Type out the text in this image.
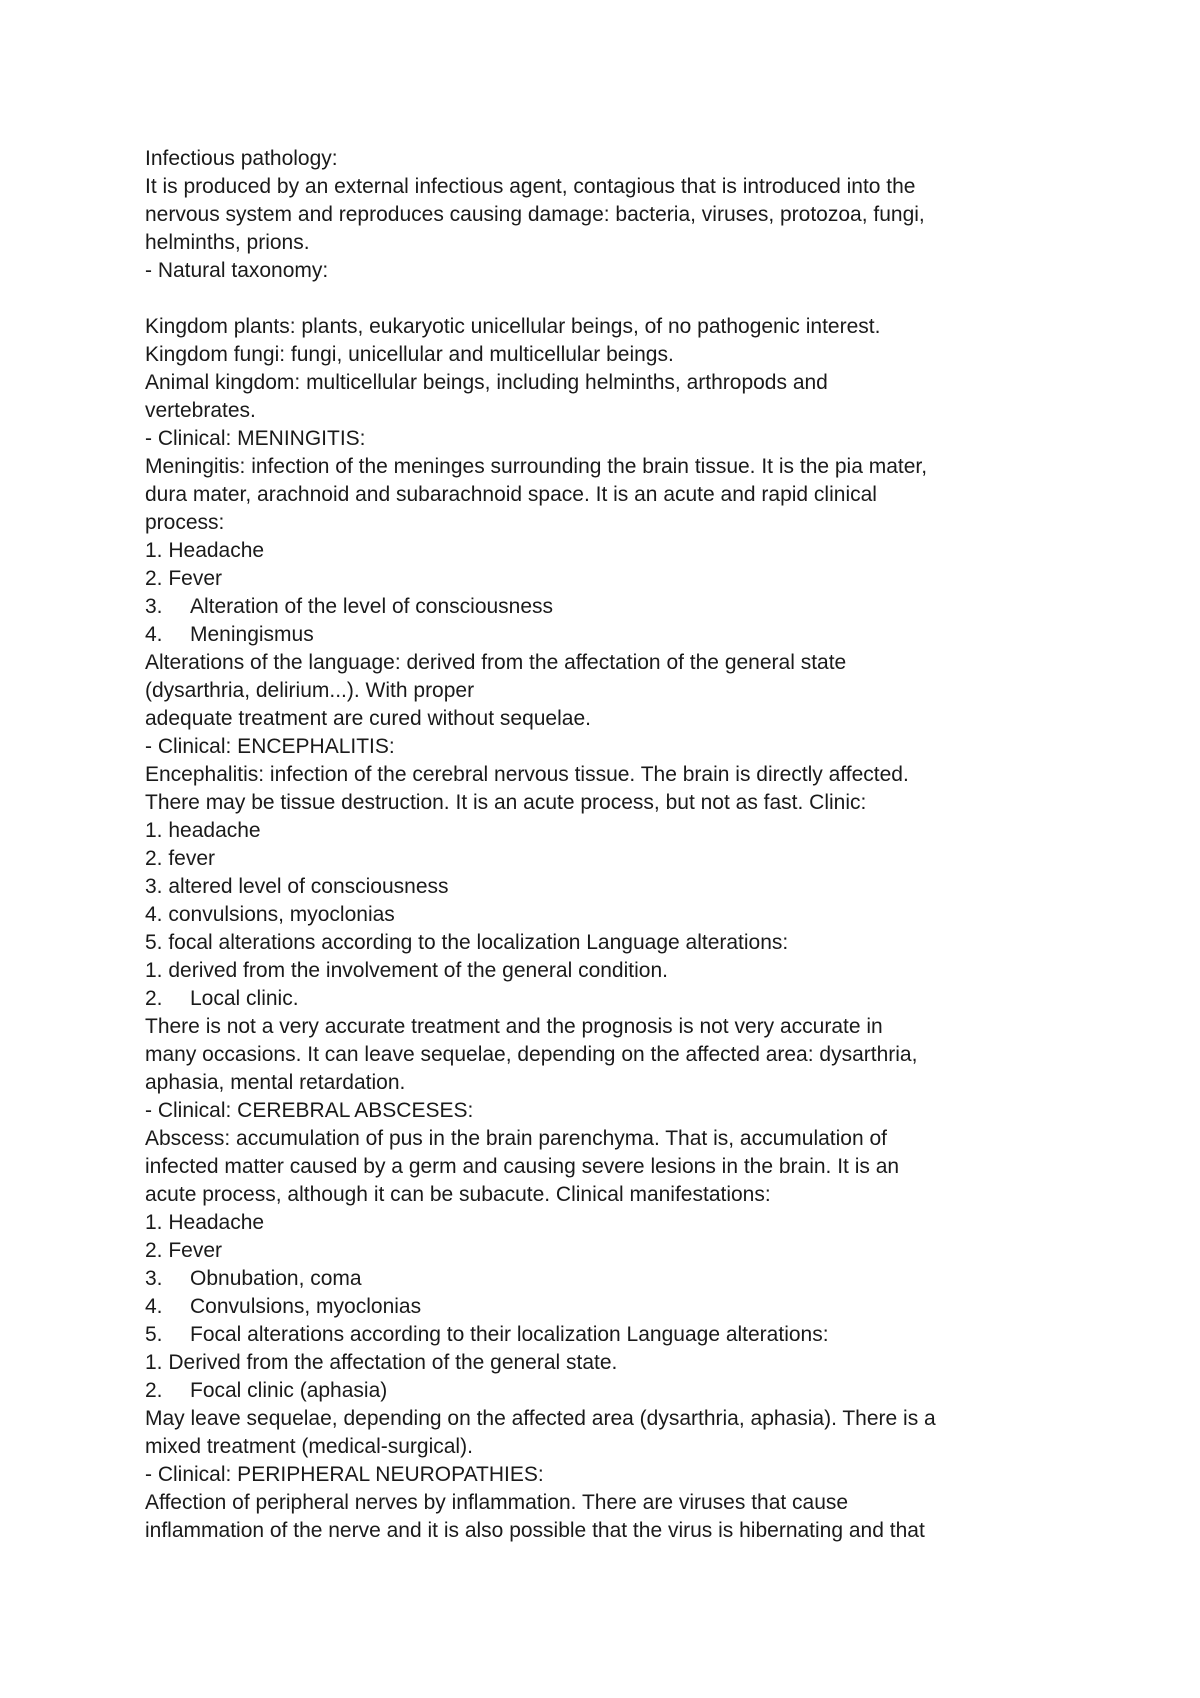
Infectious pathology:
It is produced by an external infectious agent, contagious that is introduced into the
nervous system and reproduces causing damage: bacteria, viruses, protozoa, fungi,
helminths, prions.
- Natural taxonomy:
Kingdom plants: plants, eukaryotic unicellular beings, of no pathogenic interest.
Kingdom fungi: fungi, unicellular and multicellular beings.
Animal kingdom: multicellular beings, including helminths, arthropods and
vertebrates.
- Clinical: MENINGITIS:
Meningitis: infection of the meninges surrounding the brain tissue. It is the pia mater,
dura mater, arachnoid and subarachnoid space. It is an acute and rapid clinical
process:
1. Headache
2. Fever
3. Alteration of the level of consciousness
4. Meningismus
Alterations of the language: derived from the affectation of the general state
(dysarthria, delirium...). With proper
adequate treatment are cured without sequelae.
- Clinical: ENCEPHALITIS:
Encephalitis: infection of the cerebral nervous tissue. The brain is directly affected.
There may be tissue destruction. It is an acute process, but not as fast. Clinic:
1. headache
2. fever
3. altered level of consciousness
4. convulsions, myoclonias
5. focal alterations according to the localization Language alterations:
1. derived from the involvement of the general condition.
2. Local clinic.
There is not a very accurate treatment and the prognosis is not very accurate in
many occasions. It can leave sequelae, depending on the affected area: dysarthria,
aphasia, mental retardation.
- Clinical: CEREBRAL ABSCESES:
Abscess: accumulation of pus in the brain parenchyma. That is, accumulation of
infected matter caused by a germ and causing severe lesions in the brain. It is an
acute process, although it can be subacute. Clinical manifestations:
1. Headache
2. Fever
3. Obnubation, coma
4. Convulsions, myoclonias
5. Focal alterations according to their localization Language alterations:
1. Derived from the affectation of the general state.
2. Focal clinic (aphasia)
May leave sequelae, depending on the affected area (dysarthria, aphasia). There is a
mixed treatment (medical-surgical).
- Clinical: PERIPHERAL NEUROPATHIES:
Affection of peripheral nerves by inflammation. There are viruses that cause
inflammation of the nerve and it is also possible that the virus is hibernating and that
